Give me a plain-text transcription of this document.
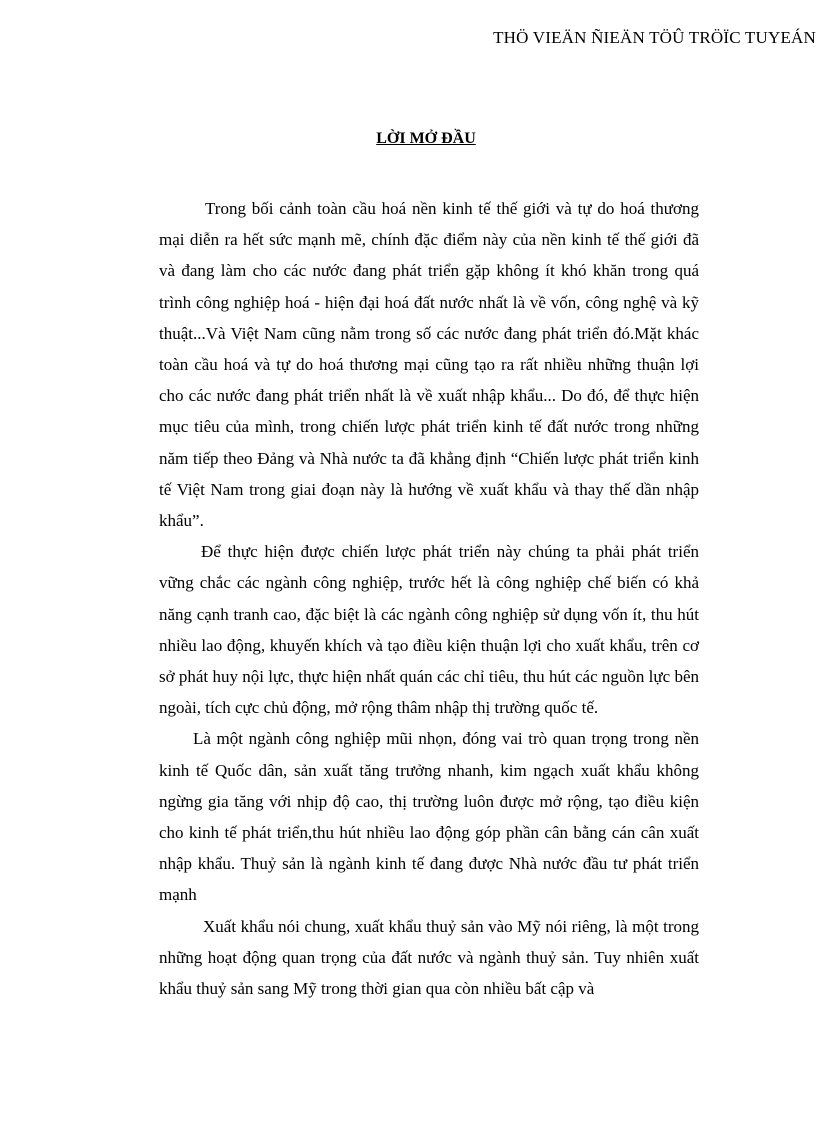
THÖ VIEÄN ÑIEÄN TÖÛ TRÖÏC TUYEÁN
LỜI MỞ ĐẦU

Trong bối cảnh toàn cầu hoá nền kinh tế thế giới và tự do hoá thương mại diễn ra hết sức mạnh mẽ, chính đặc điểm này của nền kinh tế thế giới đã và đang làm cho các nước đang phát triển gặp không ít khó khăn trong quá trình công nghiệp hoá - hiện đại hoá đất nước nhất là về vốn, công nghệ và kỹ thuật...Và Việt Nam cũng nằm trong số các nước đang phát triển đó.Mặt khác toàn cầu hoá và tự do hoá thương mại cũng tạo ra rất nhiều những thuận lợi cho các nước đang phát triển nhất là về xuất nhập khẩu... Do đó, để thực hiện mục tiêu của mình, trong chiến lược phát triển kinh tế đất nước trong những năm tiếp theo Đảng và Nhà nước ta đã khẳng định “Chiến lược phát triển kinh tế Việt Nam trong giai đoạn này là hướng về xuất khẩu và thay thế dần nhập khẩu”.

Để thực hiện được chiến lược phát triển này chúng ta phải phát triển vững chắc các ngành công nghiệp, trước hết là công nghiệp chế biến có khả năng cạnh tranh cao, đặc biệt là các ngành công nghiệp sử dụng vốn ít, thu hút nhiều lao động, khuyến khích và tạo điều kiện thuận lợi cho xuất khẩu, trên cơ sở phát huy nội lực, thực hiện nhất quán các chỉ tiêu, thu hút các nguồn lực bên ngoài, tích cực chủ động, mở rộng thâm nhập thị trường quốc tế.

Là một ngành công nghiệp mũi nhọn, đóng vai trò quan trọng trong nền kinh tế Quốc dân, sản xuất tăng trưởng nhanh, kim ngạch xuất khẩu không ngừng gia tăng với nhịp độ cao, thị trường luôn được mở rộng, tạo điều kiện cho kinh tế phát triển,thu hút nhiều lao động góp phần cân bằng cán cân xuất nhập khẩu. Thuỷ sản là ngành kinh tế đang được Nhà nước đầu tư phát triển mạnh

Xuất khẩu nói chung, xuất khẩu thuỷ sản vào Mỹ nói riêng, là một trong những hoạt động quan trọng của đất nước và ngành thuỷ sản. Tuy nhiên xuất khẩu thuỷ sản sang Mỹ trong thời gian qua còn nhiều bất cập và
